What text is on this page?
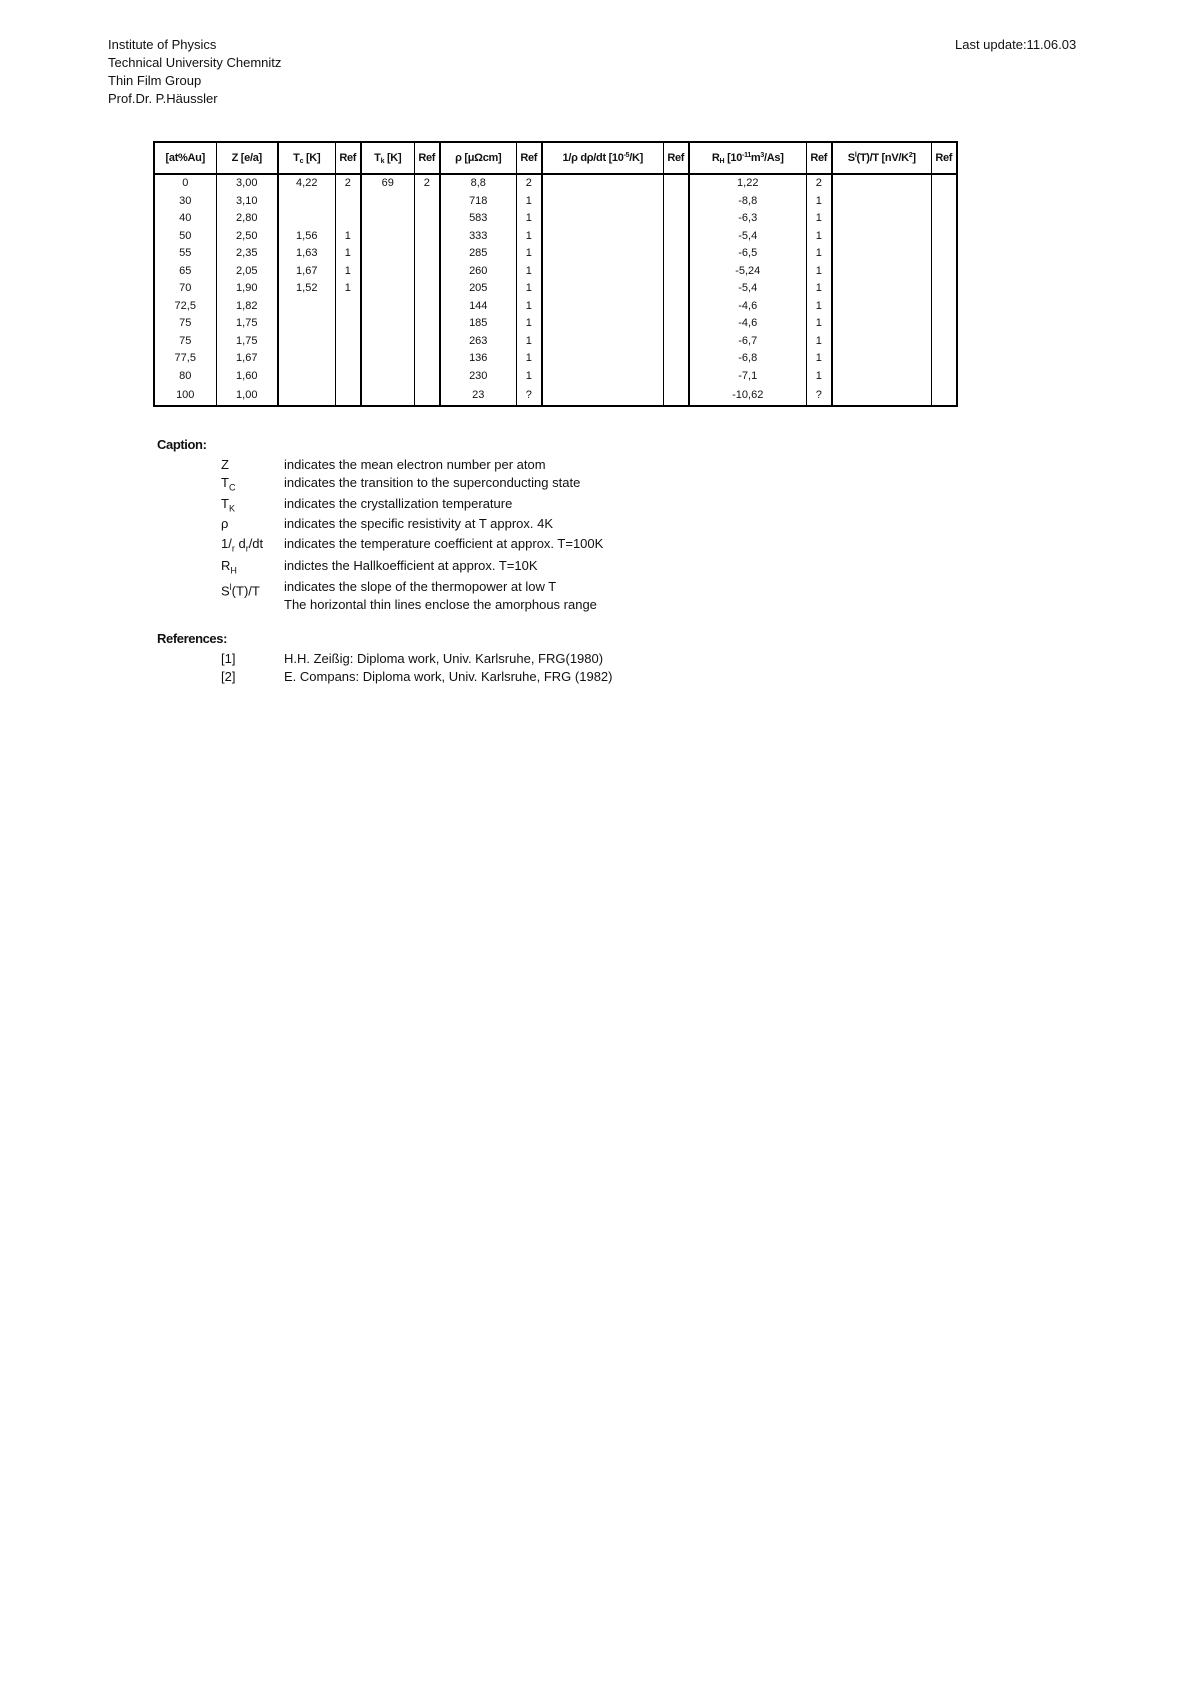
Institute of Physics
Technical University Chemnitz
Thin Film Group
Prof.Dr. P.Häussler
Last update:11.06.03
[at%Au]	Z [e/a]	$T_c$ [K]	Ref	$T_k$ [K]	Ref	ρ [μΩcm]	Ref	1/ρ dρ/dt $[10^{-5}/K]$	Ref	$R_H$ $[10^{-11}m^3/As]$	Ref	$S^l(T)/T$ $[nV/K^2]$	Ref
0	3,00	4,22	2	69	2	8,8	2			1,22	2		
30	3,10					718	1			-8,8	1		
40	2,80					583	1			-6,3	1		
50	2,50	1,56	1			333	1			-5,4	1		
55	2,35	1,63	1			285	1			-6,5	1		
65	2,05	1,67	1			260	1			-5,24	1		
70	1,90	1,52	1			205	1			-5,4	1		
72,5	1,82					144	1			-4,6	1		
75	1,75					185	1			-4,6	1		
75	1,75					263	1			-6,7	1		
77,5	1,67					136	1			-6,8	1		
80	1,60					230	1			-7,1	1		
100	1,00					23	?			-10,62	?		
Caption:
Z	indicates the mean electron number per atom
$T_C$	indicates the transition to the superconducting state
$T_K$	indicates the crystallization temperature
ρ	indicates the specific resistivity at T approx. 4K
$1/_r$ $d_r/dt$ indicates the temperature coefficient at approx. T=100K
$R_H$	indictes the Hallkoefficient at approx. T=10K
$S^l(T)/T$ indicates the slope of the thermopower at low T
The horizontal thin lines enclose the amorphous range
References:
[1]	H.H. Zeißig: Diploma work, Univ. Karlsruhe, FRG(1980)
[2]	E. Compans: Diploma work, Univ. Karlsruhe, FRG (1982)
